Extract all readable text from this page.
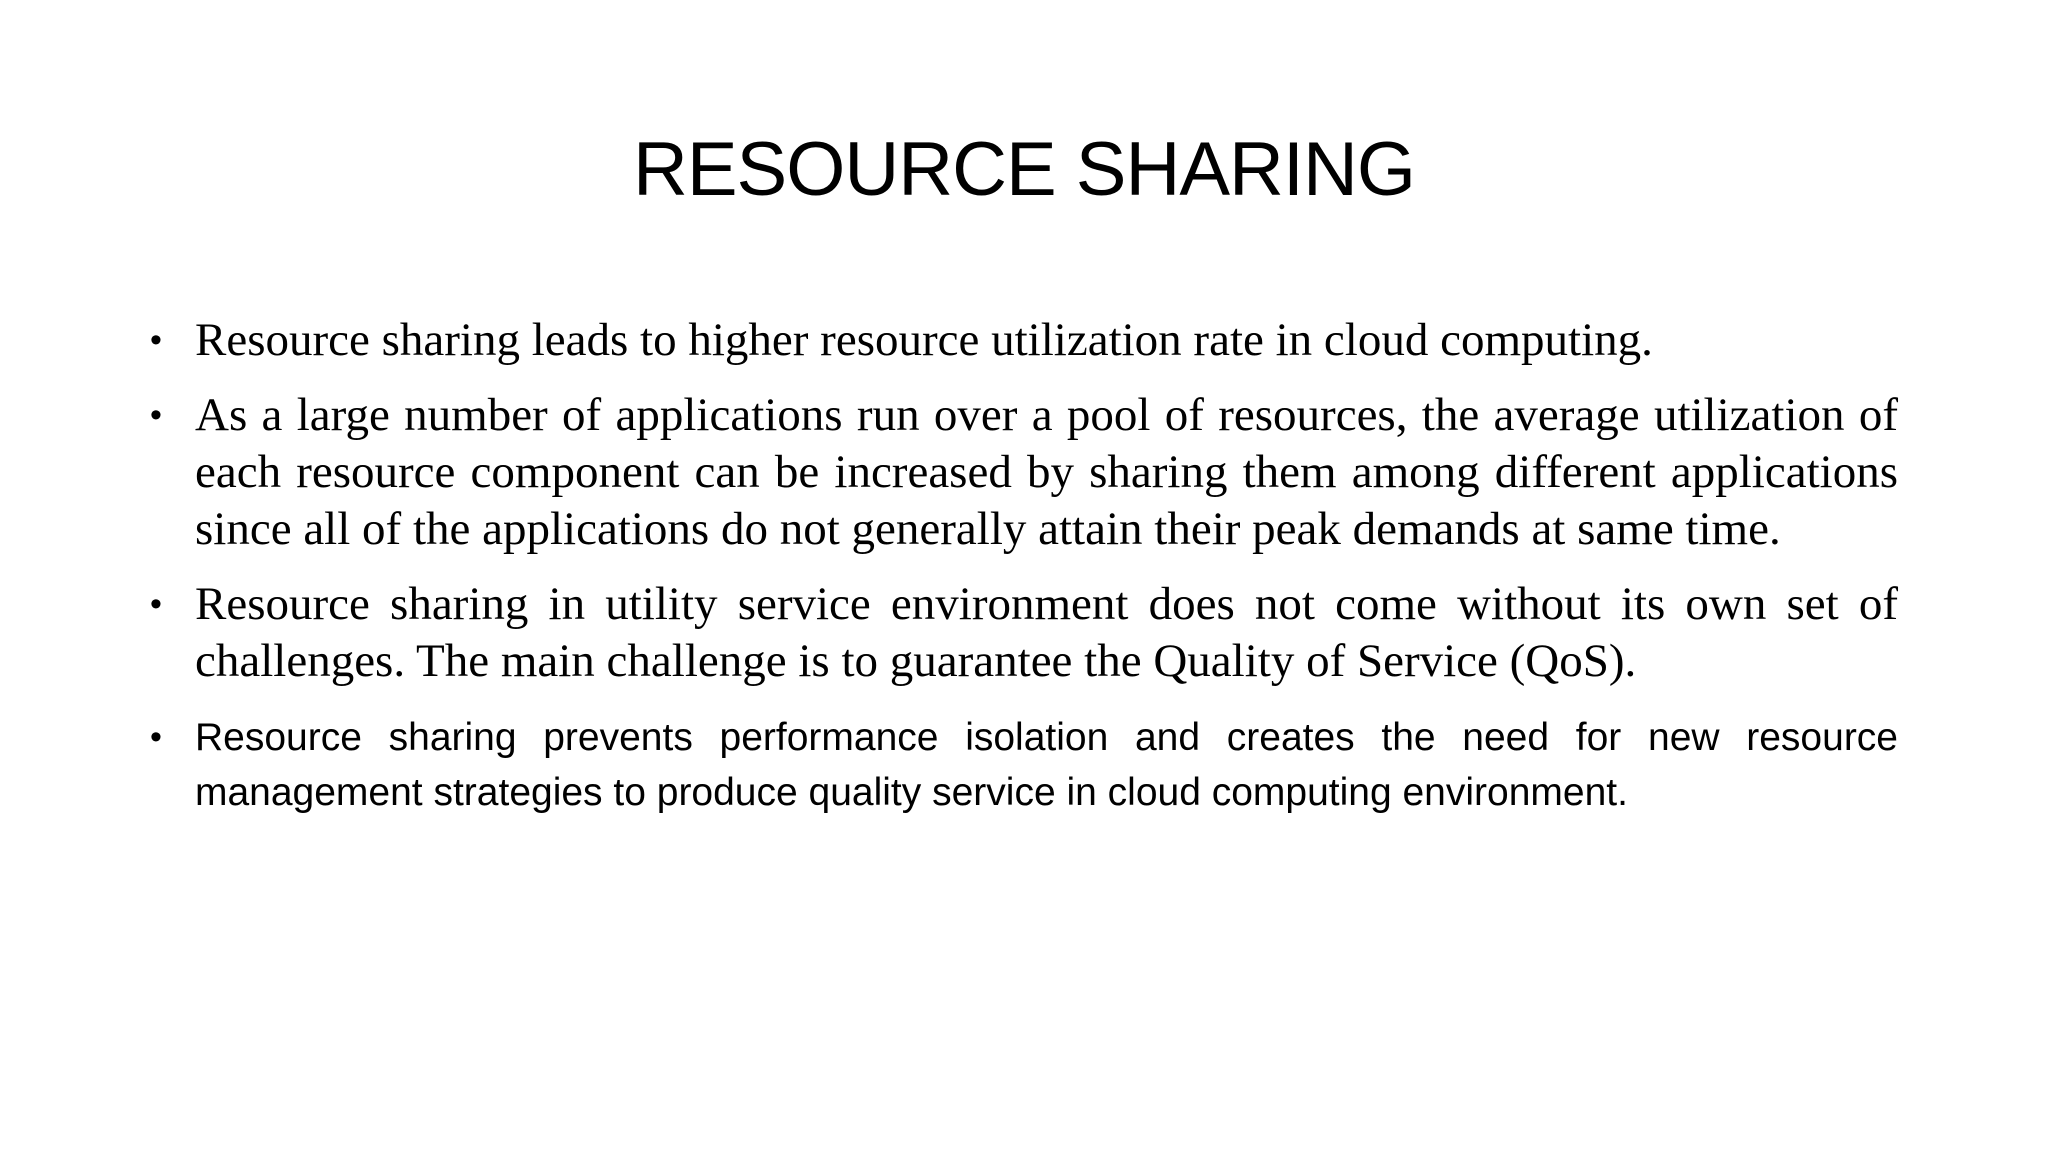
RESOURCE SHARING
• Resource sharing leads to higher resource utilization rate in cloud computing.
• As a large number of applications run over a pool of resources, the average utilization of each resource component can be increased by sharing them among different applications since all of the applications do not generally attain their peak demands at same time.
• Resource sharing in utility service environment does not come without its own set of challenges. The main challenge is to guarantee the Quality of Service (QoS).
• Resource sharing prevents performance isolation and creates the need for new resource management strategies to produce quality service in cloud computing environment.
